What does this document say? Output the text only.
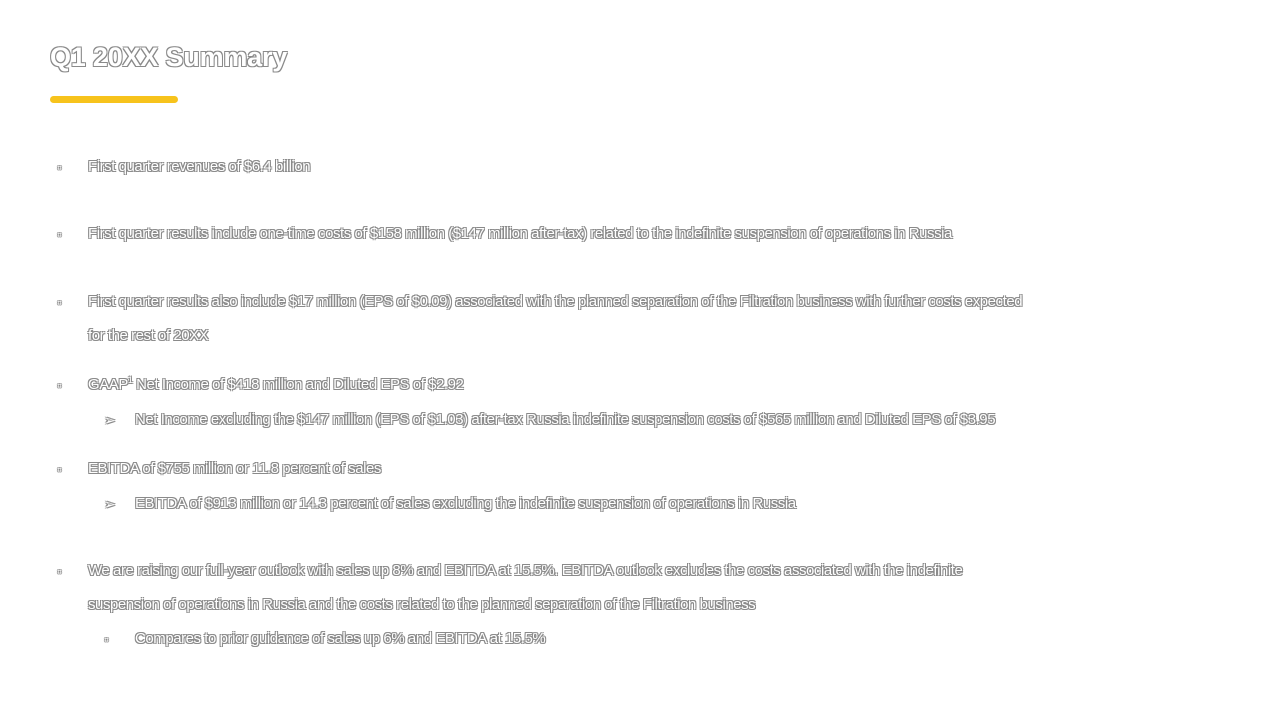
Q1 20XX Summary
◦ First quarter revenues of $6.4 billion
◦ First quarter results include one-time costs of $158 million ($147 million after-tax) related to the indefinite suspension of operations in Russia
◦ First quarter results also include $17 million (EPS of $0.09) associated with the planned separation of the Filtration business with further costs expected
for the rest of 20XX
◦ GAAP$^1$ Net Income of $418 million and Diluted EPS of $2.92
➢ Net Income excluding the $147 million (EPS of $1.03) after-tax Russia indefinite suspension costs of $565 million and Diluted EPS of $3.95
◦ EBITDA of $755 million or 11.8 percent of sales
➢ EBITDA of $913 million or 14.3 percent of sales excluding the indefinite suspension of operations in Russia
◦ We are raising our full-year outlook with sales up 8% and EBITDA at 15.5%. EBITDA outlook excludes the costs associated with the indefinite
suspension of operations in Russia and the costs related to the planned separation of the Filtration business
◦ Compares to prior guidance of sales up 6% and EBITDA at 15.5%
